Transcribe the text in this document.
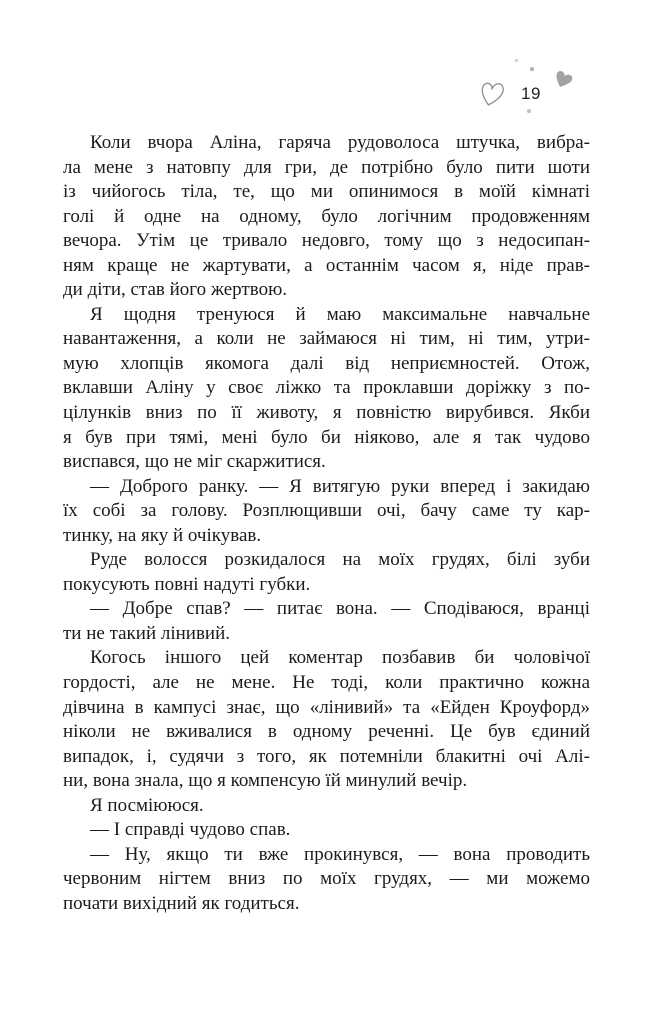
19
Коли вчора Аліна, гаряча рудоволоса штучка, вибра-
ла мене з натовпу для гри, де потрібно було пити шоти
із чийогось тіла, те, що ми опинимося в моїй кімнаті
голі й одне на одному, було логічним продовженням
вечора. Утім це тривало недовго, тому що з недосипан-
ням краще не жартувати, а останнім часом я, ніде прав-
ди діти, став його жертвою.
Я щодня тренуюся й маю максимальне навчальне
навантаження, а коли не займаюся ні тим, ні тим, утри-
мую хлопців якомога далі від неприємностей. Отож,
вклавши Аліну у своє ліжко та проклавши доріжку з по-
цілунків вниз по її животу, я повністю вирубився. Якби
я був при тямі, мені було би ніяково, але я так чудово
виспався, що не міг скаржитися.
— Доброго ранку. — Я витягую руки вперед і закидаю
їх собі за голову. Розплющивши очі, бачу саме ту кар-
тинку, на яку й очікував.
Руде волосся розкидалося на моїх грудях, білі зуби
покусують повні надуті губки.
— Добре спав? — питає вона. — Сподіваюся, вранці
ти не такий лінивий.
Когось іншого цей коментар позбавив би чоловічої
гордості, але не мене. Не тоді, коли практично кожна
дівчина в кампусі знає, що «лінивий» та «Ейден Кроуфорд»
ніколи не вживалися в одному реченні. Це був єдиний
випадок, і, судячи з того, як потемніли блакитні очі Алі-
ни, вона знала, що я компенсую їй минулий вечір.
Я посміююся.
— І справді чудово спав.
— Ну, якщо ти вже прокинувся, — вона проводить
червоним нігтем вниз по моїх грудях, — ми можемо
почати вихідний як годиться.
